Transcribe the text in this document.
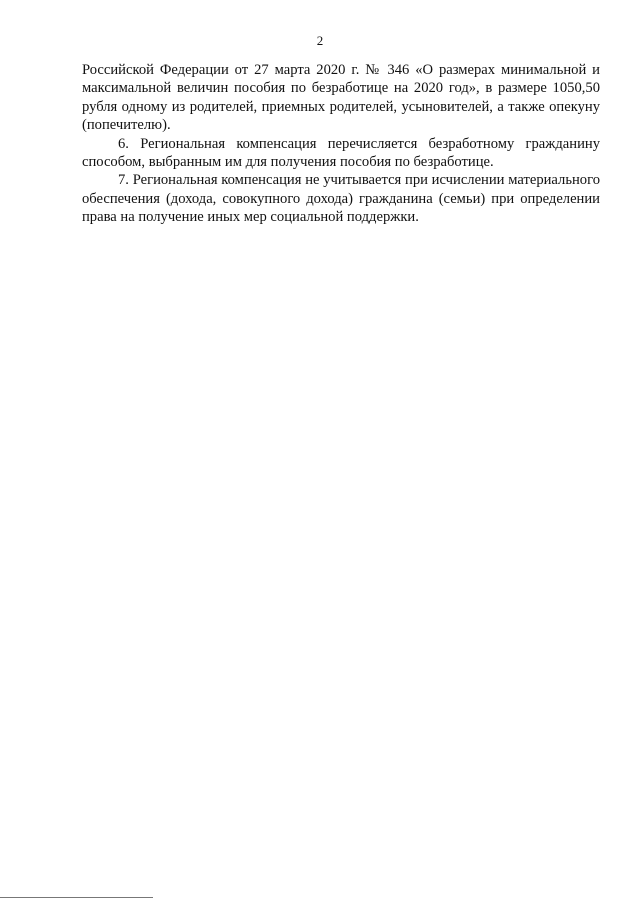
2

Российской Федерации от 27 марта 2020 г. № 346 «О размерах минимальной и максимальной величин пособия по безработице на 2020 год», в размере 1050,50 рубля одному из родителей, приемных родителей, усыновителей, а также опекуну (попечителю).

6. Региональная компенсация перечисляется безработному гражданину способом, выбранным им для получения пособия по безработице.

7. Региональная компенсация не учитывается при исчислении материального обеспечения (дохода, совокупного дохода) гражданина (семьи) при определении права на получение иных мер социальной поддержки.
